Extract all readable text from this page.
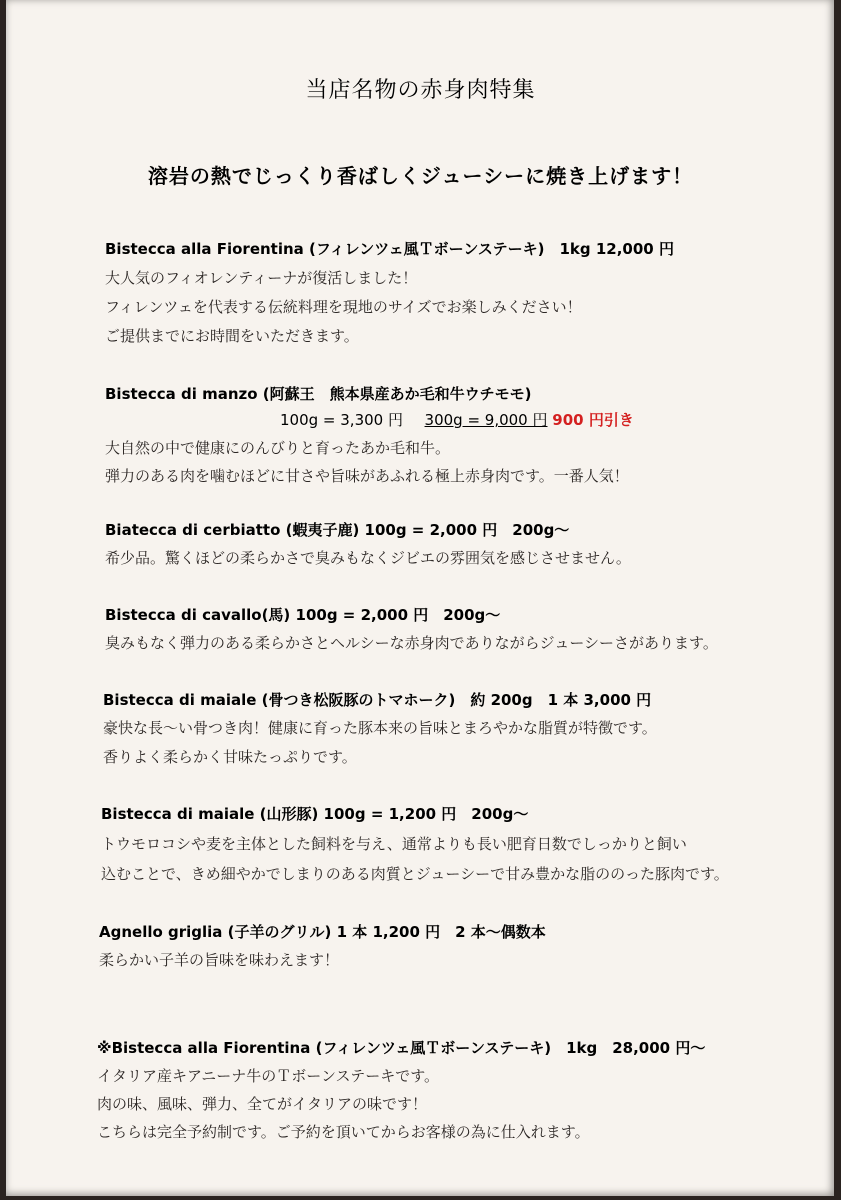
当店名物の赤身肉特集
溶岩の熱でじっくり香ばしくジューシーに焼き上げます！
Bistecca alla Fiorentina (フィレンツェ風Ｔボーンステーキ)　1kg 12,000 円
大人気のフィオレンティーナが復活しました！
フィレンツェを代表する伝統料理を現地のサイズでお楽しみください！
ご提供までにお時間をいただきます。
Bistecca di manzo (阿蘇王　熊本県産あか毛和牛ウチモモ)
100g = 3,300 円 300g = 9,000 円 900 円引き
大自然の中で健康にのんびりと育ったあか毛和牛。
弾力のある肉を噛むほどに甘さや旨味があふれる極上赤身肉です。一番人気！
Biatecca di cerbiatto (蝦夷子鹿) 100g = 2,000 円　200g～
希少品。驚くほどの柔らかさで臭みもなくジビエの雰囲気を感じさせません。
Bistecca di cavallo(馬) 100g = 2,000 円　200g～
臭みもなく弾力のある柔らかさとヘルシーな赤身肉でありながらジューシーさがあります。
Bistecca di maiale (骨つき松阪豚のトマホーク)　約 200g　1 本 3,000 円
豪快な長～い骨つき肉！健康に育った豚本来の旨味とまろやかな脂質が特徴です。
香りよく柔らかく甘味たっぷりです。
Bistecca di maiale (山形豚) 100g = 1,200 円　200g～
トウモロコシや麦を主体とした飼料を与え、通常よりも長い肥育日数でしっかりと飼い
込むことで、きめ細やかでしまりのある肉質とジューシーで甘み豊かな脂ののった豚肉です。
Agnello griglia (子羊のグリル) 1 本 1,200 円　2 本～偶数本
柔らかい子羊の旨味を味わえます！
※Bistecca alla Fiorentina (フィレンツェ風Ｔボーンステーキ)　1kg　28,000 円～
イタリア産キアニーナ牛のＴボーンステーキです。
肉の味、風味、弾力、全てがイタリアの味です！
こちらは完全予約制です。ご予約を頂いてからお客様の為に仕入れます。
